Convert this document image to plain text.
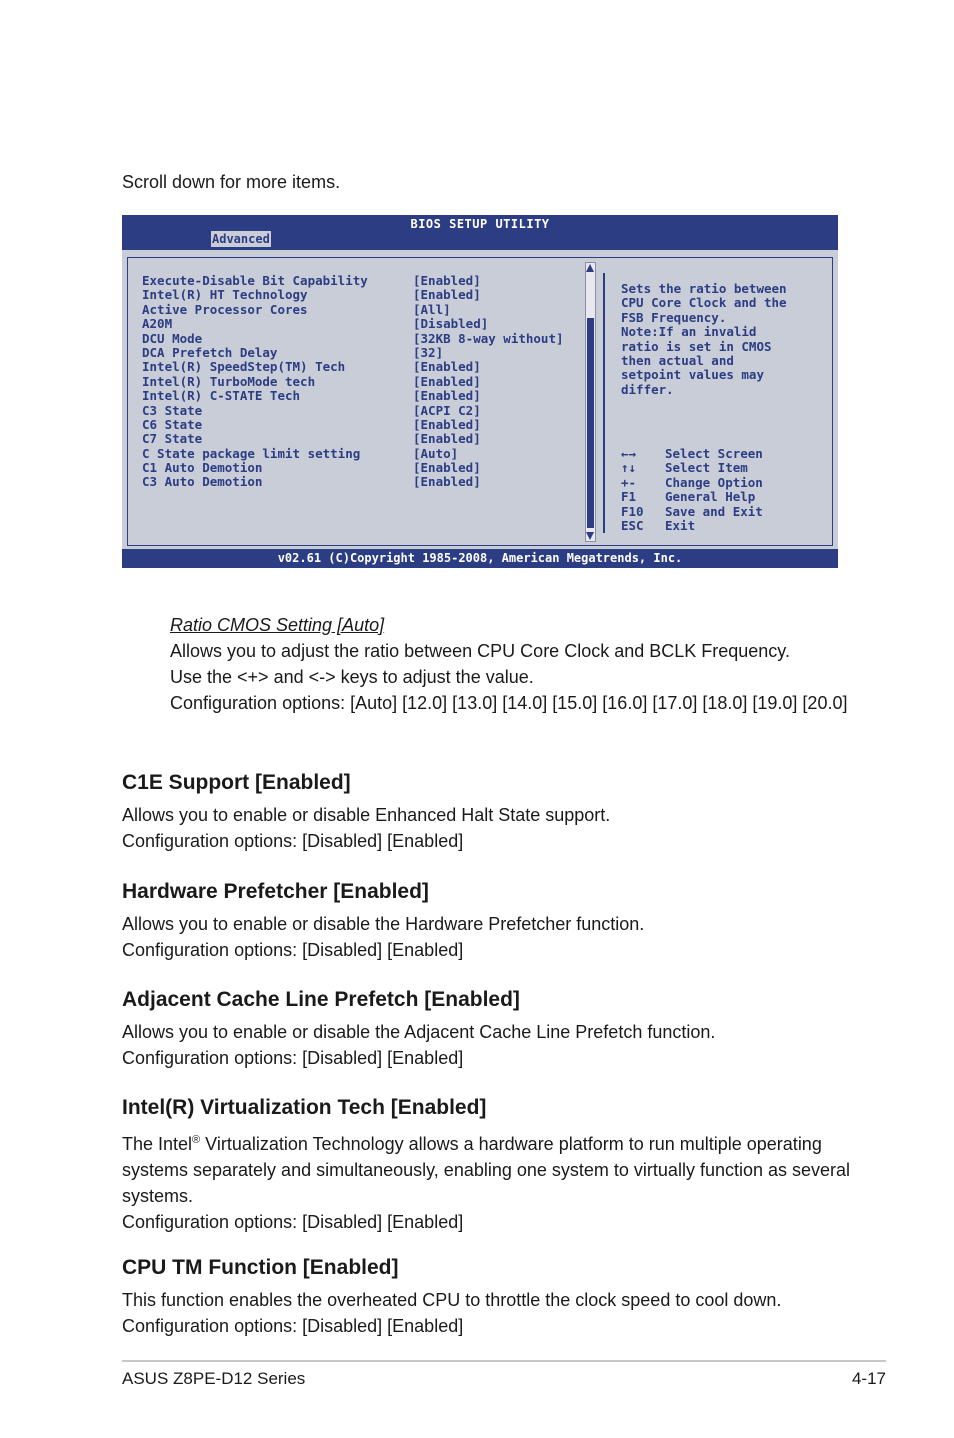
Scroll down for more items.
BIOS SETUP UTILITY
Advanced
Execute-Disable Bit Capability	[Enabled]
Intel(R) HT Technology	[Enabled]
Active Processor Cores	[All]
A20M	[Disabled]
DCU Mode	[32KB 8-way without]
DCA Prefetch Delay	[32]
Intel(R) SpeedStep(TM) Tech	[Enabled]
Intel(R) TurboMode tech	[Enabled]
Intel(R) C-STATE Tech	[Enabled]
C3 State	[ACPI C2]
C6 State	[Enabled]
C7 State	[Enabled]
C State package limit setting	[Auto]
C1 Auto Demotion	[Enabled]
C3 Auto Demotion	[Enabled]
Sets the ratio between
CPU Core Clock and the
FSB Frequency.
Note:If an invalid
ratio is set in CMOS
then actual and
setpoint values may
differ.
←→ Select Screen
↑↓ Select Item
+- Change Option
F1 General Help
F10 Save and Exit
ESC Exit
v02.61 (C)Copyright 1985-2008, American Megatrends, Inc.
Ratio CMOS Setting [Auto]
Allows you to adjust the ratio between CPU Core Clock and BCLK Frequency.
Use the <+> and <-> keys to adjust the value.
Configuration options: [Auto] [12.0] [13.0] [14.0] [15.0] [16.0] [17.0] [18.0] [19.0] [20.0]
C1E Support [Enabled]

Allows you to enable or disable Enhanced Halt State support.

Configuration options: [Disabled] [Enabled]

Hardware Prefetcher [Enabled]

Allows you to enable or disable the Hardware Prefetcher function.

Configuration options: [Disabled] [Enabled]

Adjacent Cache Line Prefetch [Enabled]

Allows you to enable or disable the Adjacent Cache Line Prefetch function.

Configuration options: [Disabled] [Enabled]

Intel(R) Virtualization Tech [Enabled]

The Intel® Virtualization Technology allows a hardware platform to run multiple operating systems separately and simultaneously, enabling one system to virtually function as several systems.

Configuration options: [Disabled] [Enabled]

CPU TM Function [Enabled]

This function enables the overheated CPU to throttle the clock speed to cool down.

Configuration options: [Disabled] [Enabled]

ASUS Z8PE-D12 Series	4-17
